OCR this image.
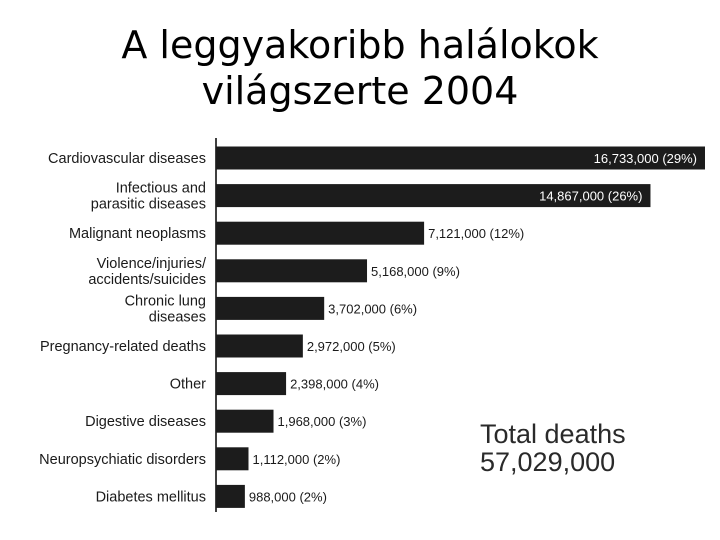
A leggyakoribb halálokok
világszerte 2004
16,733,000 (29%)
Cardiovascular diseases
14,867,000 (26%)
Infectious and
parasitic diseases
7,121,000 (12%)
Malignant neoplasms
5,168,000 (9%)
Violence/injuries/
accidents/suicides
3,702,000 (6%)
Chronic lung
diseases
2,972,000 (5%)
Pregnancy-related deaths
2,398,000 (4%)
Other
1,968,000 (3%)
Digestive diseases
1,112,000 (2%)
Neuropsychiatic disorders
988,000 (2%)
Diabetes mellitus
Total deaths
57,029,000
